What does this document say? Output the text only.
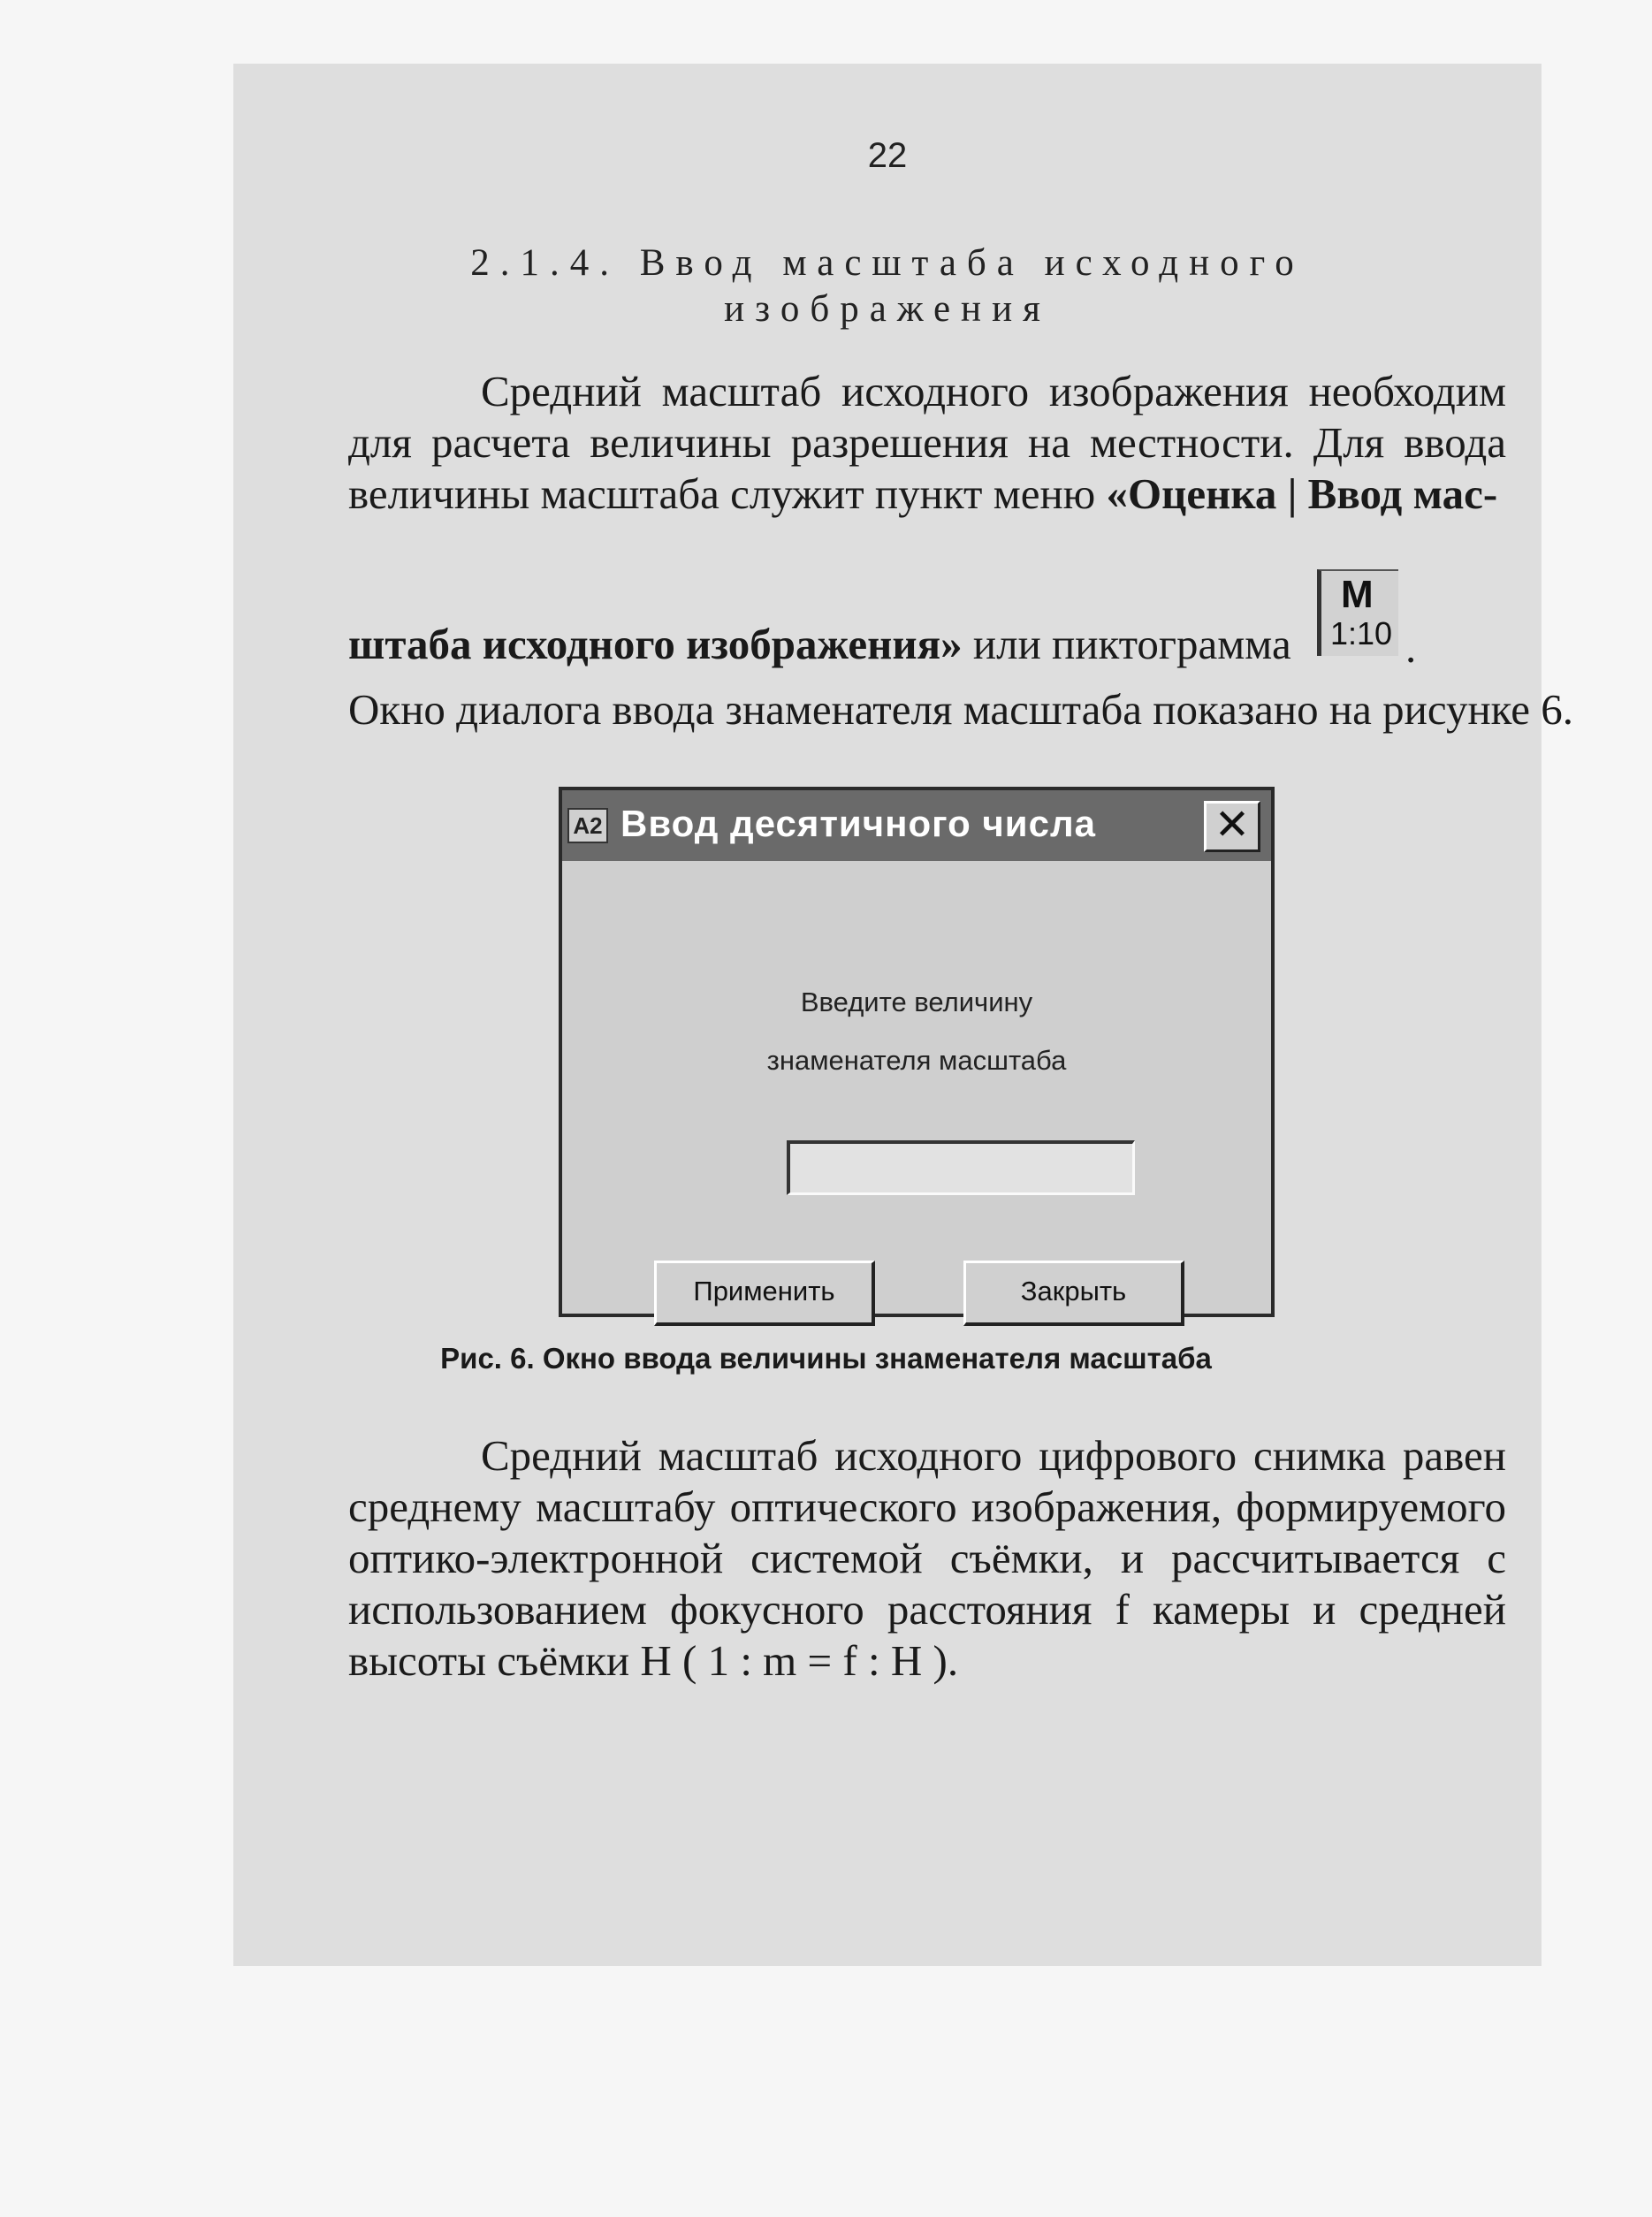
22
2.1.4. Ввод масштаба исходного
изображения
Средний масштаб исходного изображения необходим для расчета величины разрешения на местности. Для ввода величины масштаба служит пункт меню «Оценка | Ввод мас-
штаба исходного изображения» или пиктограмма
M
1:10 .
Окно диалога ввода знаменателя масштаба показано на рисунке 6.
A2 Ввод десятичного числа	✕
Введите величину
знаменателя масштаба
Применить	Закрыть
Рис. 6. Окно ввода величины знаменателя масштаба
Средний масштаб исходного цифрового снимка равен среднему масштабу оптического изображения, формируемого оптико-электронной системой съёмки, и рассчитывается с использованием фокусного расстояния f камеры и средней высоты съёмки H ( 1 : m = f : H ).
